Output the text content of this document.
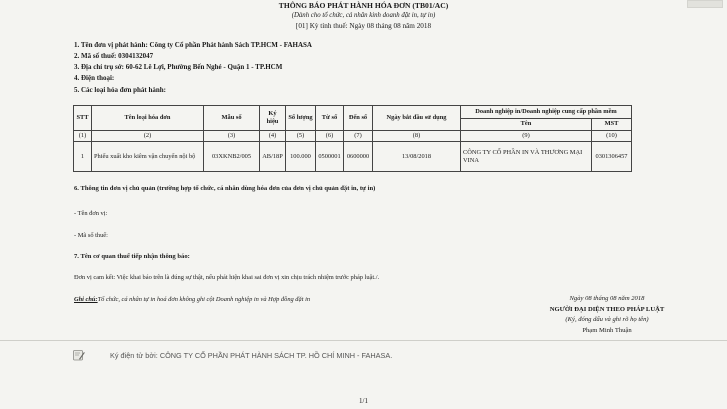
THÔNG BÁO PHÁT HÀNH HÓA ĐƠN (TB01/AC)
(Dành cho tổ chức, cá nhân kinh doanh đặt in, tự in)
[01] Kỳ tính thuế: Ngày 08 tháng 08 năm 2018
1. Tên đơn vị phát hành: Công ty Cổ phần Phát hành Sách TP.HCM - FAHASA
2. Mã số thuế: 0304132047
3. Địa chỉ trụ sở: 60-62 Lê Lợi, Phường Bến Nghé - Quận 1 - TP.HCM
4. Điện thoại:
5. Các loại hóa đơn phát hành:
STT	Tên loại hóa đơn	Mẫu số	Ký hiệu	Số lượng	Từ số	Đến số	Ngày bắt đầu sử dụng	Doanh nghiệp in/Doanh nghiệp cung cấp phần mềm	
								Tên	MST
(1)	(2)	(3)	(4)	(5)	(6)	(7)	(8)	(9)	(10)
1	Phiếu xuất kho kiêm vận chuyển nội bộ	03XKNB2/005	AB/18P	100.000	0500001	0600000	13/08/2018	CÔNG TY CỔ PHẦN IN VÀ THƯƠNG MẠI VINA	0301306457
6. Thông tin đơn vị chủ quản (trường hợp tổ chức, cá nhân dùng hóa đơn của đơn vị chủ quản đặt in, tự in)
- Tên đơn vị:
- Mã số thuế:
7. Tên cơ quan thuế tiếp nhận thông báo:
Đơn vị cam kết: Việc khai báo trên là đúng sự thật, nếu phát hiện khai sai đơn vị xin chịu trách nhiệm trước pháp luật./.
Ghi chú:Tổ chức, cá nhân tự in hoá đơn không ghi cột Doanh nghiệp in và Hợp đồng đặt in	Ngày 08 tháng 08 năm 2018
NGƯỜI ĐẠI DIỆN THEO PHÁP LUẬT
(Ký, đóng dấu và ghi rõ họ tên)
Phạm Minh Thuận
Ký điện tử bởi: CÔNG TY CỔ PHẦN PHÁT HÀNH SÁCH TP. HỒ CHÍ MINH - FAHASA.
1/1
